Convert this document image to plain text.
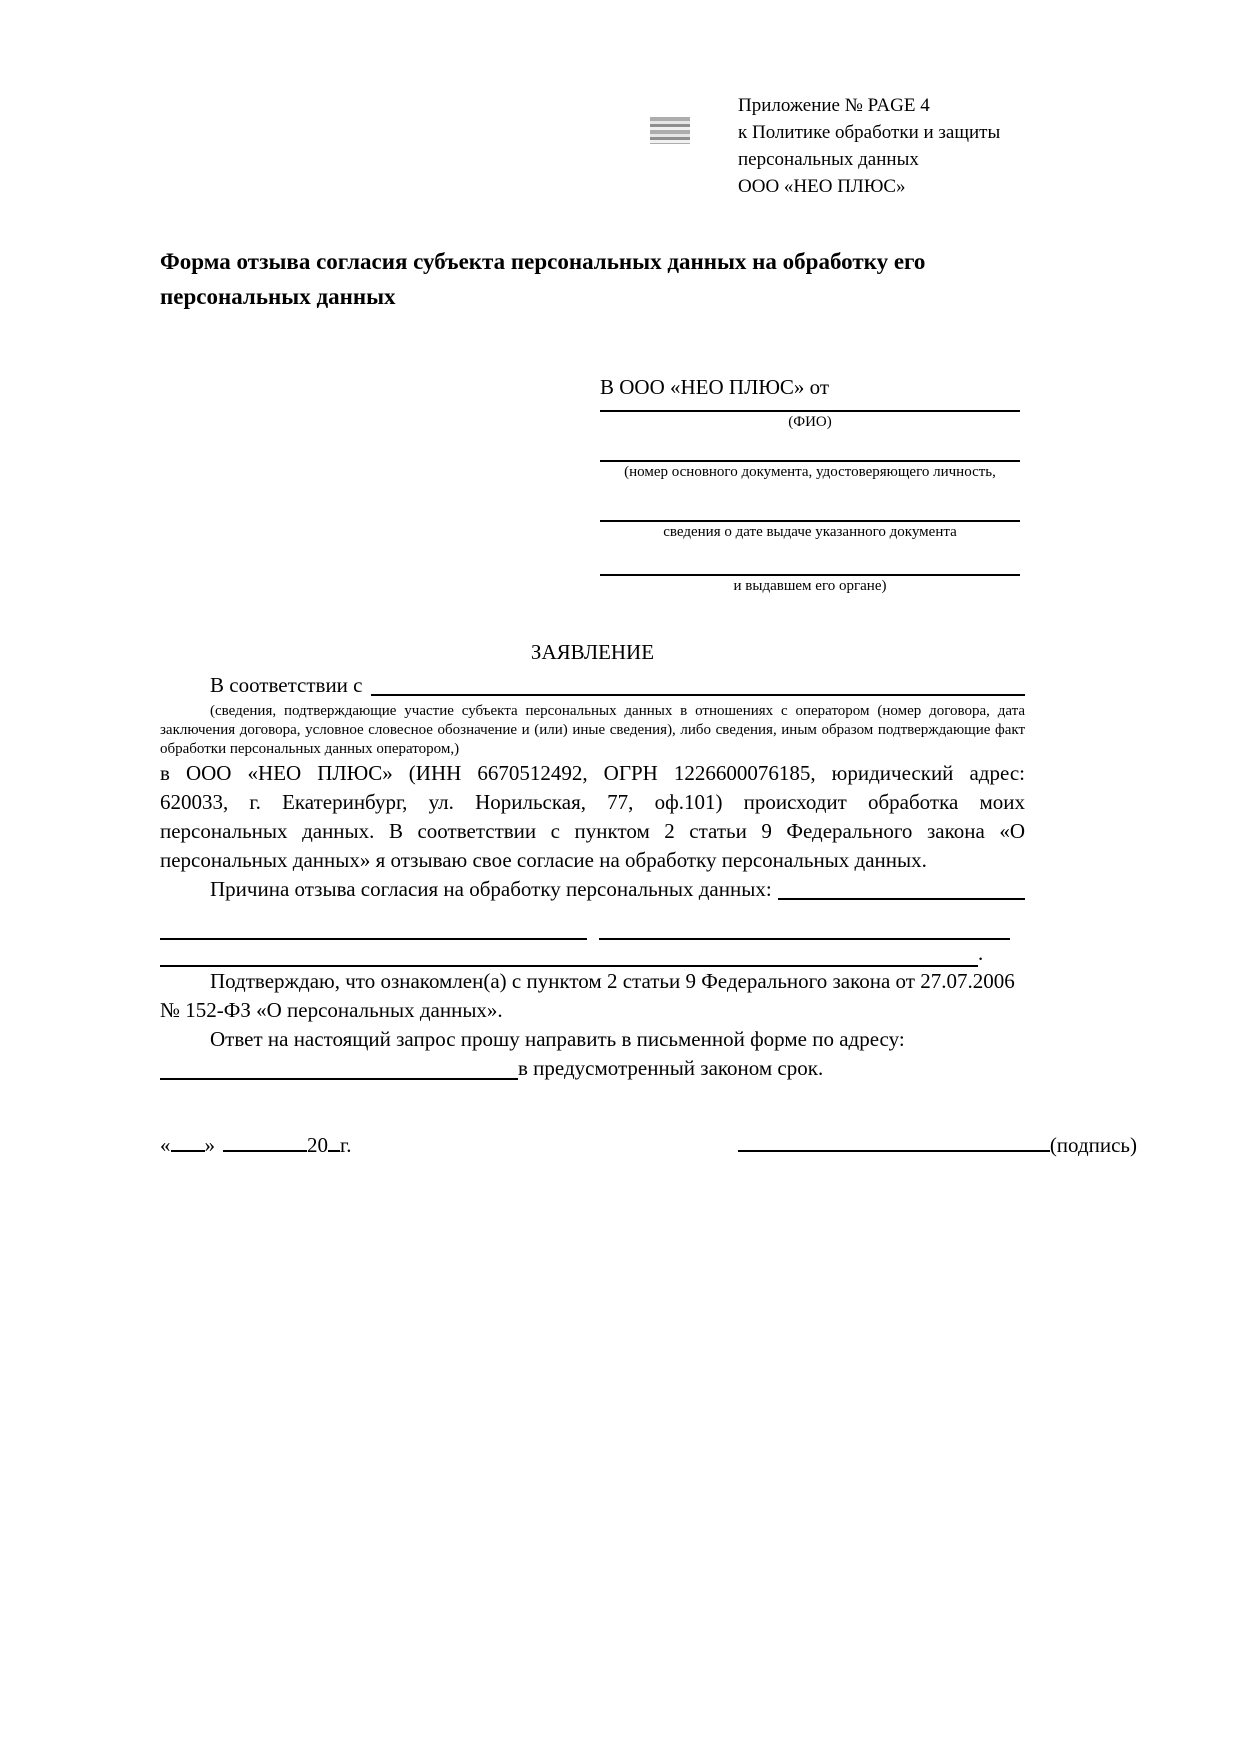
Приложение № PAGE 4
к Политике обработки и защиты
персональных данных
ООО «НЕО ПЛЮС»
Форма отзыва согласия субъекта персональных данных на обработку его персональных данных
В ООО «НЕО ПЛЮС» от
(ФИО)
(номер основного документа, удостоверяющего личность,
сведения о дате выдаче указанного документа
и выдавшем его органе)
ЗАЯВЛЕНИЕ
В соответствии с
(сведения, подтверждающие участие субъекта персональных данных в отношениях с оператором (номер договора, дата
заключения договора, условное словесное обозначение и (или) иные сведения), либо сведения, иным образом подтверждающие факт
обработки персональных данных оператором,)
в ООО «НЕО ПЛЮС» (ИНН 6670512492, ОГРН 1226600076185, юридический адрес:
620033, г. Екатеринбург, ул. Норильская, 77, оф.101) происходит обработка моих
персональных данных. В соответствии с пунктом 2 статьи 9 Федерального закона «О
персональных данных» я отзываю свое согласие на обработку персональных данных.
Причина отзыва согласия на обработку персональных данных:
.
Подтверждаю, что ознакомлен(а) с пунктом 2 статьи 9 Федерального закона от 27.07.2006 № 152-ФЗ «О персональных данных».
Ответ на настоящий запрос прошу направить в письменной форме по адресу:
в предусмотренный законом срок.
« »	20 г.	(подпись)
